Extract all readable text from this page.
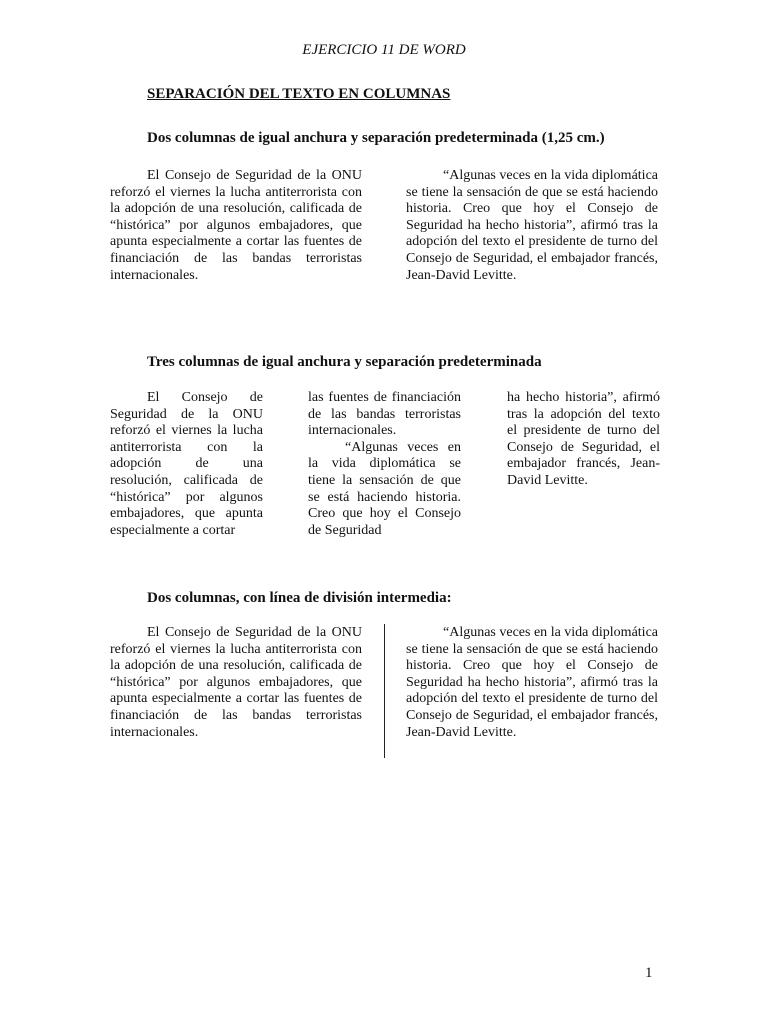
EJERCICIO 11 DE WORD
SEPARACIÓN DEL TEXTO EN COLUMNAS
Dos columnas de igual anchura y separación predeterminada (1,25 cm.)

El Consejo de Seguridad de la ONU reforzó el viernes la lucha antiterrorista con la adopción de una resolución, calificada de “histórica” por algunos embajadores, que apunta especialmente a cortar las fuentes de financiación de las bandas terroristas internacionales.

“Algunas veces en la vida diplomática se tiene la sensación de que se está haciendo historia. Creo que hoy el Consejo de Seguridad ha hecho historia”, afirmó tras la adopción del texto el presidente de turno del Consejo de Seguridad, el embajador francés, Jean-David Levitte.

Tres columnas de igual anchura y separación predeterminada

El Consejo de Seguridad de la ONU reforzó el viernes la lucha antiterrorista con la adopción de una resolución, calificada de “histórica” por algunos embajadores, que apunta especialmente a cortar

las fuentes de financiación de las bandas terroristas internacionales.

“Algunas veces en la vida diplomática se tiene la sensación de que se está haciendo historia. Creo que hoy el Consejo de Seguridad

ha hecho historia”, afirmó tras la adopción del texto el presidente de turno del Consejo de Seguridad, el embajador francés, Jean-David Levitte.

Dos columnas, con línea de división intermedia:

El Consejo de Seguridad de la ONU reforzó el viernes la lucha antiterrorista con la adopción de una resolución, calificada de “histórica” por algunos embajadores, que apunta especialmente a cortar las fuentes de financiación de las bandas terroristas internacionales.

“Algunas veces en la vida diplomática se tiene la sensación de que se está haciendo historia. Creo que hoy el Consejo de Seguridad ha hecho historia”, afirmó tras la adopción del texto el presidente de turno del Consejo de Seguridad, el embajador francés, Jean-David Levitte.

1
